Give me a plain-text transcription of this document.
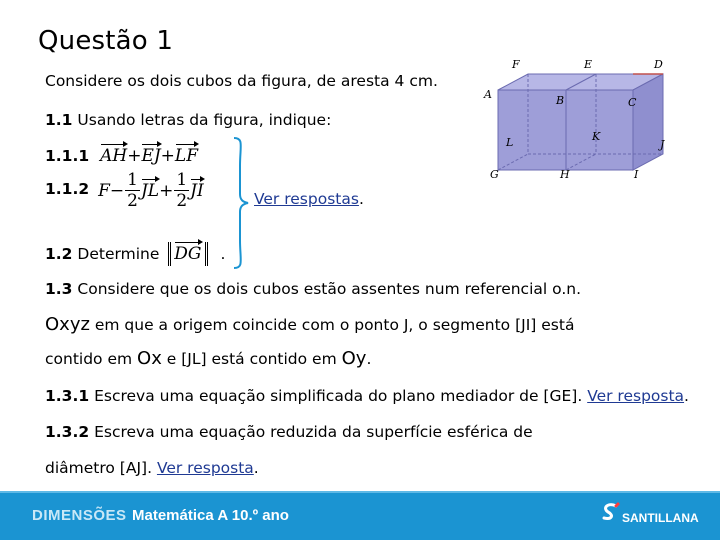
Questão 1
Considere os dois cubos da figura, de aresta 4 cm.
1.1 Usando letras da figura, indique:
1.1.1 AH+EJ+LF
1.1.2 $F- \frac{1}{2} JL+ \frac{1}{2}$ JI	Ver respostas.
1.2 Determine DG .
1.3 Considere que os dois cubos estão assentes num referencial o.n.
Oxyz em que a origem coincide com o ponto J, o segmento [JI] está
contido em Ox e [JL] está contido em Oy.
1.3.1 Escreva uma equação simplificada do plano mediador de [GE]. Ver resposta.
1.3.2 Escreva uma equação reduzida da superfície esférica de
diâmetro [AJ]. Ver resposta.
F	E	D
A	B	C
L	K
J
G	H	I
DIMENSÕES Matemática A 10.º ano	SANTILLANA
